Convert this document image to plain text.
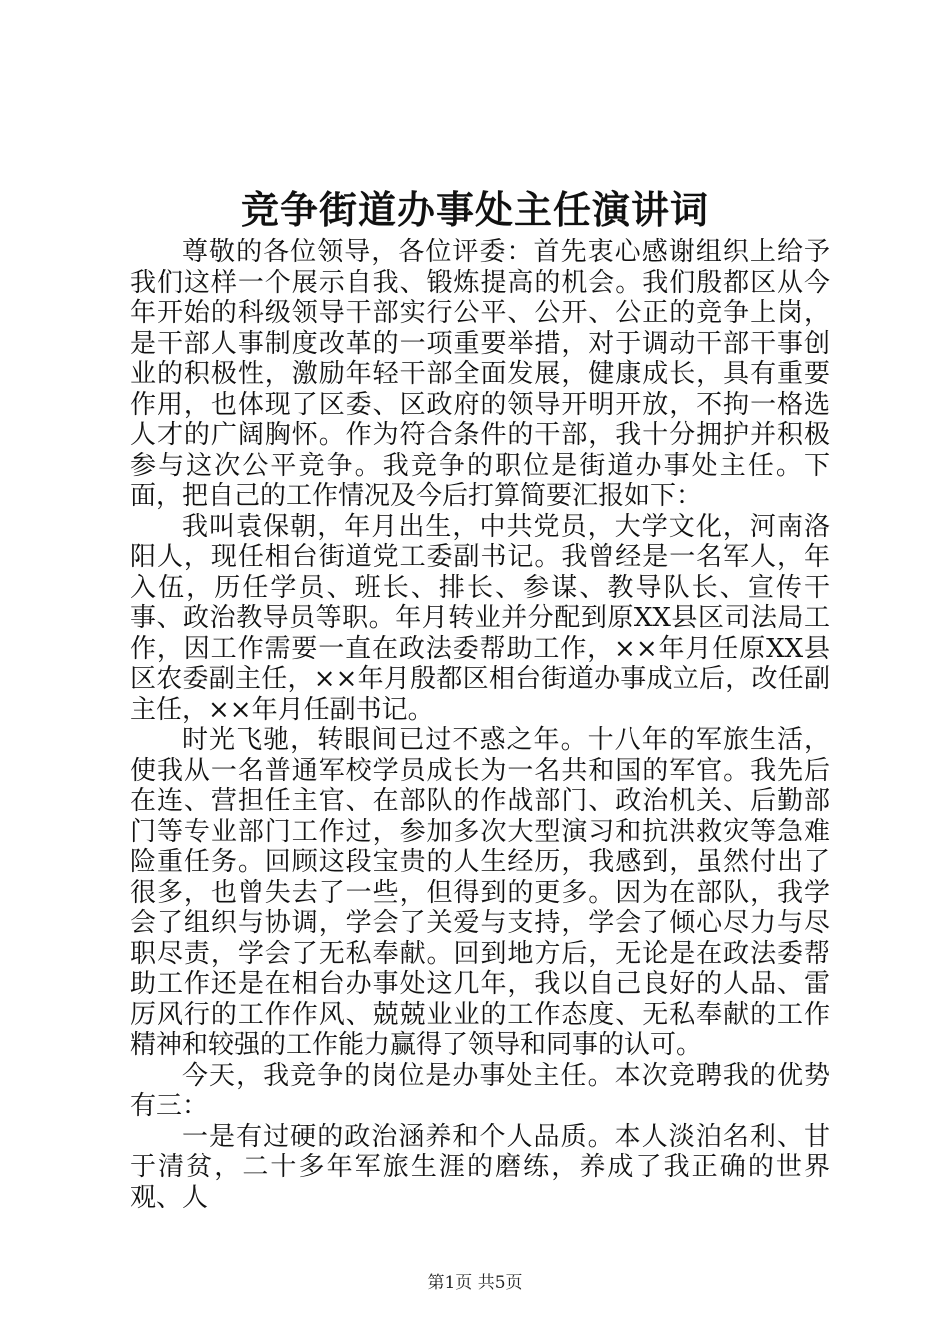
竞争街道办事处主任演讲词

尊敬的各位领导，各位评委：首先衷心感谢组织上给予我们这样一个展示自我、锻炼提高的机会。我们殷都区从今年开始的科级领导干部实行公平、公开、公正的竞争上岗，是干部人事制度改革的一项重要举措，对于调动干部干事创业的积极性，激励年轻干部全面发展，健康成长，具有重要作用，也体现了区委、区政府的领导开明开放，不拘一格选人才的广阔胸怀。作为符合条件的干部，我十分拥护并积极参与这次公平竞争。我竞争的职位是街道办事处主任。下面，把自己的工作情况及今后打算简要汇报如下：

我叫袁保朝，年月出生，中共党员，大学文化，河南洛阳人，现任相台街道党工委副书记。我曾经是一名军人，年入伍，历任学员、班长、排长、参谋、教导队长、宣传干事、政治教导员等职。年月转业并分配到原XX县区司法局工作，因工作需要一直在政法委帮助工作，××年月任原XX县区农委副主任，××年月殷都区相台街道办事成立后，改任副主任，××年月任副书记。

时光飞驰，转眼间已过不惑之年。十八年的军旅生活，使我从一名普通军校学员成长为一名共和国的军官。我先后在连、营担任主官、在部队的作战部门、政治机关、后勤部门等专业部门工作过，参加多次大型演习和抗洪救灾等急难险重任务。回顾这段宝贵的人生经历，我感到，虽然付出了很多，也曾失去了一些，但得到的更多。因为在部队，我学会了组织与协调，学会了关爱与支持，学会了倾心尽力与尽职尽责，学会了无私奉献。回到地方后，无论是在政法委帮助工作还是在相台办事处这几年，我以自己良好的人品、雷厉风行的工作作风、兢兢业业的工作态度、无私奉献的工作精神和较强的工作能力赢得了领导和同事的认可。

今天，我竞争的岗位是办事处主任。本次竞聘我的优势有三：

一是有过硬的政治涵养和个人品质。本人淡泊名利、甘于清贫，二十多年军旅生涯的磨练，养成了我正确的世界观、人

第1页 共5页
